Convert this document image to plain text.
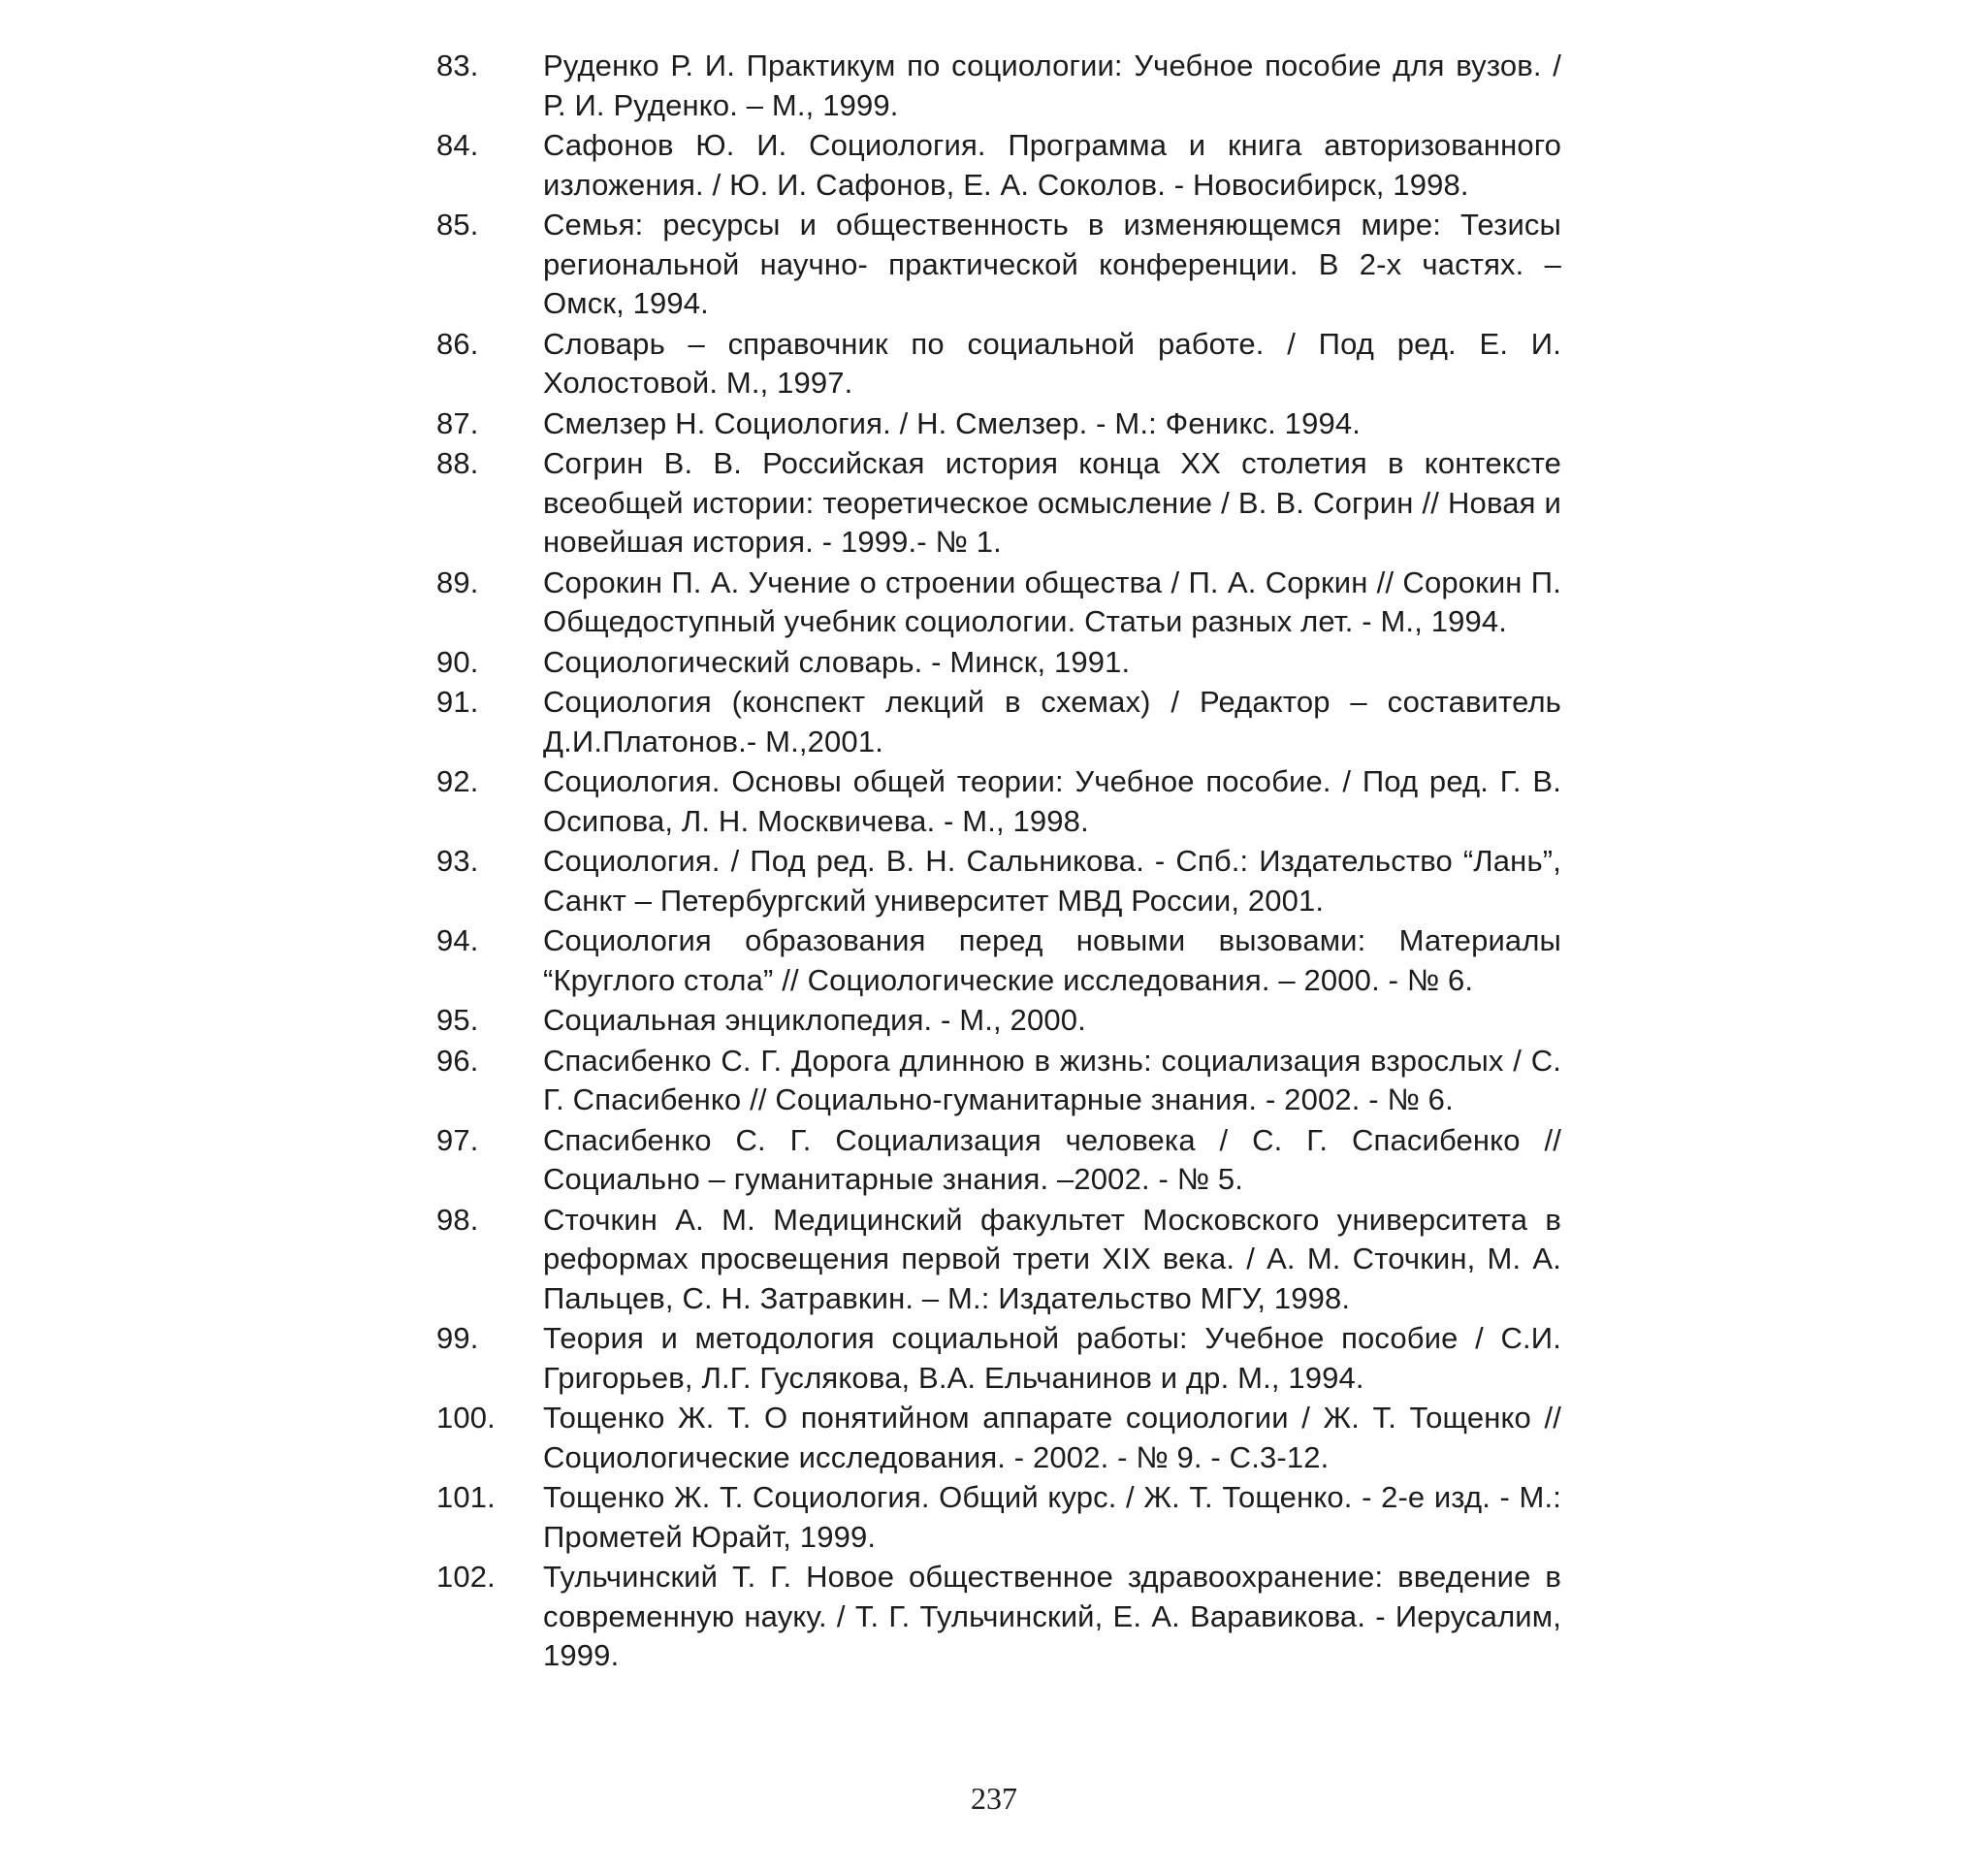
83.	Руденко Р. И. Практикум по социологии: Учебное пособие для вузов. / Р. И. Руденко. – М., 1999.
84.	Сафонов Ю. И. Социология. Программа и книга авторизованного изложения. / Ю. И. Сафонов, Е. А. Соколов. - Новосибирск, 1998.
85.	Семья: ресурсы и общественность в изменяющемся мире: Тезисы региональной научно- практической конференции. В 2-х частях. – Омск, 1994.
86.	Словарь – справочник по социальной работе. / Под ред. Е. И. Холостовой. М., 1997.
87.	Смелзер Н. Социология. / Н. Смелзер. - М.: Феникс. 1994.
88.	Согрин В. В. Российская история конца XX столетия в контексте всеобщей истории: теоретическое осмысление / В. В. Согрин // Новая и новейшая история. - 1999.- № 1.
89.	Сорокин П. А. Учение о строении общества / П. А. Соркин // Сорокин П. Общедоступный учебник социологии. Статьи разных лет. - М., 1994.
90.	Социологический словарь. - Минск, 1991.
91.	Социология (конспект лекций в схемах) / Редактор – составитель Д.И.Платонов.- М.,2001.
92.	Социология. Основы общей теории: Учебное пособие. / Под ред. Г. В. Осипова, Л. Н. Москвичева. - М., 1998.
93.	Социология. / Под ред. В. Н. Сальникова. - Спб.: Издательство “Лань”, Санкт – Петербургский университет МВД России, 2001.
94.	Социология образования перед новыми вызовами: Материалы “Круглого стола” // Социологические исследования. – 2000. - № 6.
95.	Социальная энциклопедия. - М., 2000.
96.	Спасибенко С. Г. Дорога длинною в жизнь: социализация взрослых / С. Г. Спасибенко // Социально-гуманитарные знания. - 2002. - № 6.
97.	Спасибенко С. Г. Социализация человека / С. Г. Спасибенко // Социально – гуманитарные знания. –2002. - № 5.
98.	Сточкин А. М. Медицинский факультет Московского университета в реформах просвещения первой трети XIX века. / А. М. Сточкин, М. А. Пальцев, С. Н. Затравкин. – М.: Издательство МГУ, 1998.
99.	Теория и методология социальной работы: Учебное пособие / С.И. Григорьев, Л.Г. Гуслякова, В.А. Ельчанинов и др. М., 1994.
100.	Тощенко Ж. Т. О понятийном аппарате социологии / Ж. Т. Тощенко // Социологические исследования. - 2002. - № 9. - С.3-12.
101.	Тощенко Ж. Т. Социология. Общий курс. / Ж. Т. Тощенко. - 2-е изд. - М.: Прометей Юрайт, 1999.
102.	Тульчинский Т. Г. Новое общественное здравоохранение: введение в современную науку. / Т. Г. Тульчинский, Е. А. Варавикова. - Иерусалим, 1999.
237
